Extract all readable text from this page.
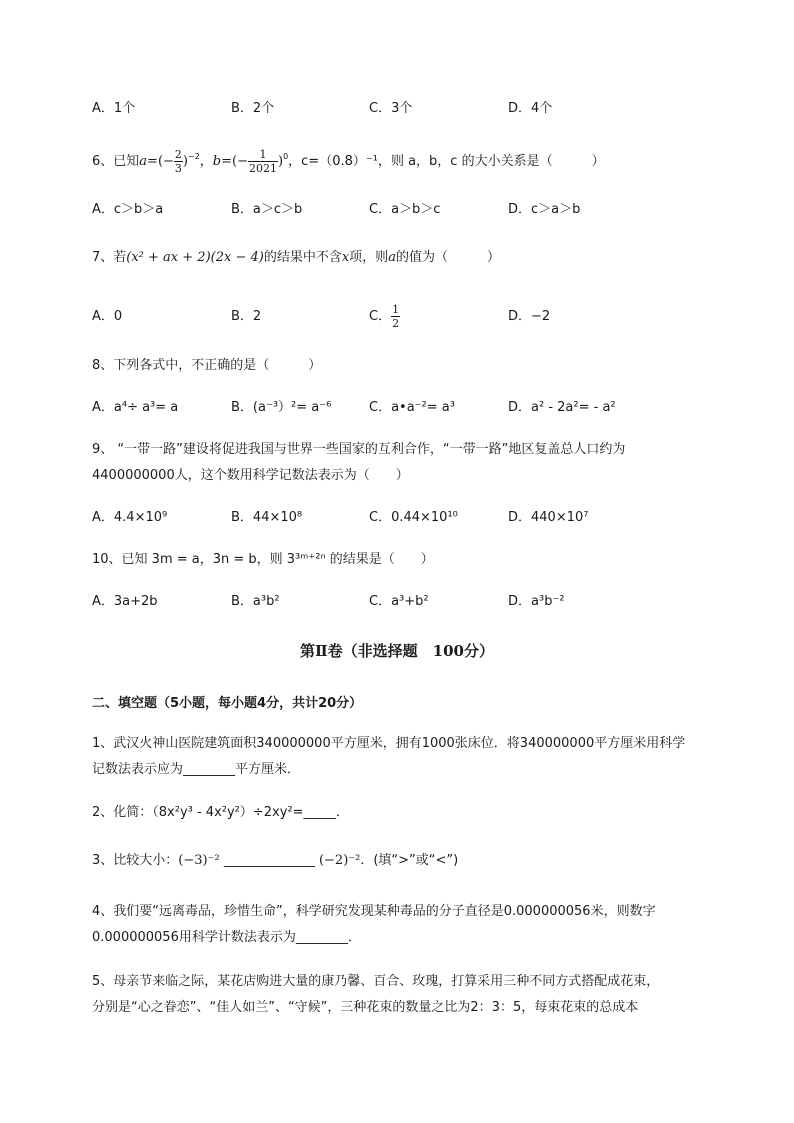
A．1个	B．2个	C．3个	D．4个
6、已知$a=(- \frac{2}{3} )^{-2}$，$b=(- \frac{1}{2021} )^0$，c=（0.8）⁻¹，则 a，b，c 的大小关系是（　　　）
A．c＞b＞a	B．a＞c＞b	C．a＞b＞c	D．c＞a＞b
7、若(x² + ax + 2)(2x − 4)的结果中不含x项，则a的值为（　　　）
A．0	B．2	C． $\frac{1}{2}$	D．−2
8、下列各式中，不正确的是（　　　）
A．a⁴÷ a³= a	B．(a⁻³）²= a⁻⁶	C．a•a⁻²= a³	D．a² - 2a²= - a²
9、 “一带一路”建设将促进我国与世界一些国家的互利合作，“一带一路”地区复盖总人口约为
4400000000人，这个数用科学记数法表示为（　　）
A．4.4×10⁹	B．44×10⁸	C．0.44×10¹⁰	D．440×10⁷
10、已知 3m = a，3n = b，则 3³ᵐ⁺²ⁿ 的结果是（　　）
A．3a+2b	B．a³b²	C．a³+b²	D．a³b⁻²
第Ⅱ卷（非选择题　100分）
二、填空题（5小题，每小题4分，共计20分）
1、武汉火神山医院建筑面积340000000平方厘米，拥有1000张床位．将340000000平方厘米用科学
记数法表示应为________平方厘米．
2、化简：（8x²y³ - 4x²y²）÷2xy²=_____．
3、比较大小：(−3)⁻² ______________ (−2)⁻²．(填“>”或“<”)
4、我们要“远离毒品，珍惜生命”，科学研究发现某种毒品的分子直径是0.000000056米，则数字
0.000000056用科学计数法表示为________．
5、母亲节来临之际，某花店购进大量的康乃馨、百合、玫瑰，打算采用三种不同方式搭配成花束，
分别是“心之眷恋”、“佳人如兰”、“守候”，三种花束的数量之比为2：3：5，每束花束的总成本
